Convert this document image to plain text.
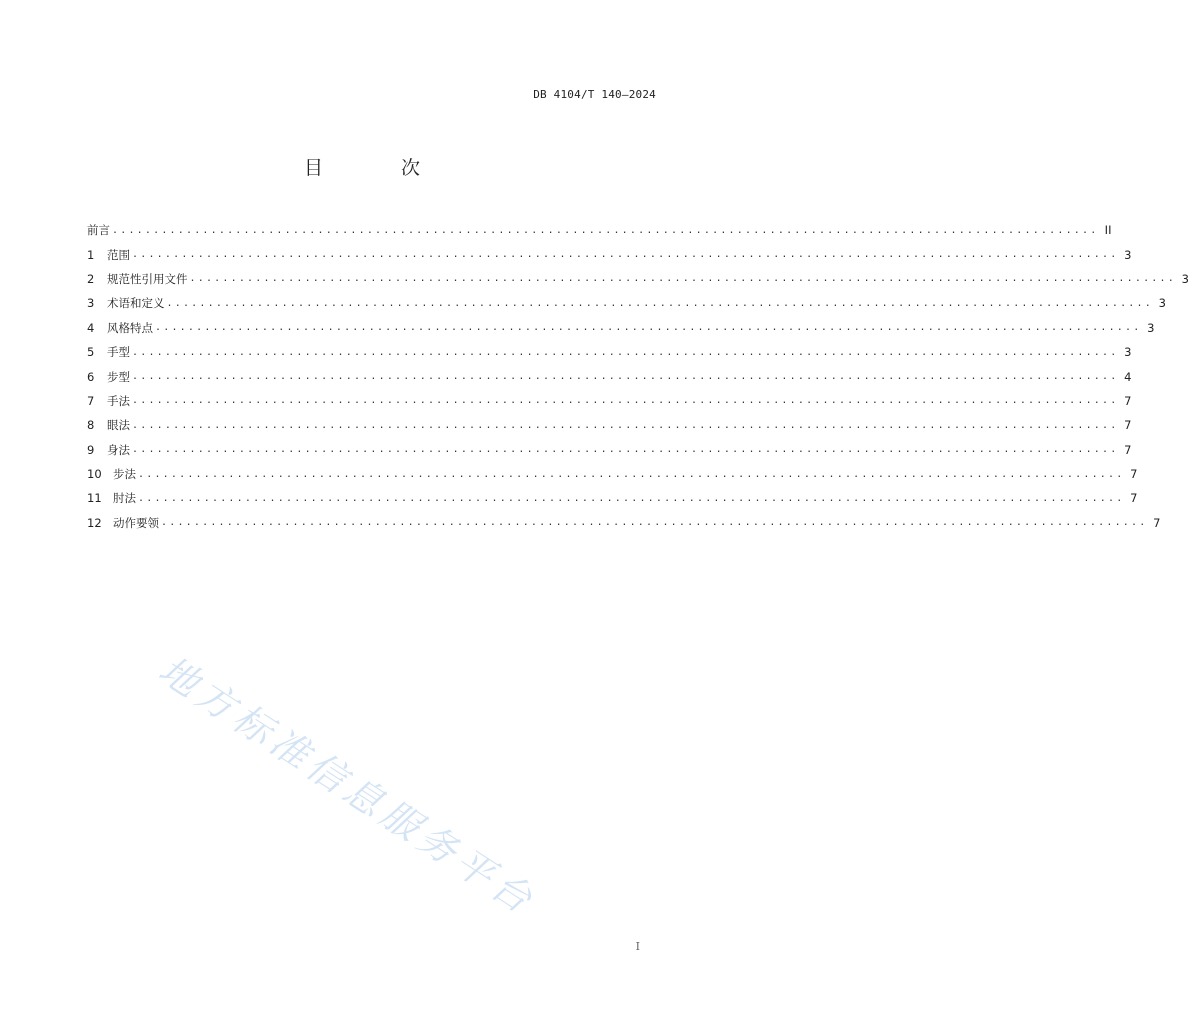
DB 4104/T 140—2024
目 次
前言 ........................................................................................................................ II
1	范围 ........................................................................................................................ 3
2	规范性引用文件 ........................................................................................................................ 3
3	术语和定义 ........................................................................................................................ 3
4	风格特点 ........................................................................................................................ 3
5	手型 ........................................................................................................................ 3
6	步型 ........................................................................................................................ 4
7	手法 ........................................................................................................................ 7
8	眼法 ........................................................................................................................ 7
9	身法 ........................................................................................................................ 7
10 步法 ........................................................................................................................ 7
11 肘法 ........................................................................................................................ 7
12 动作要领 ........................................................................................................................ 7
地方标准信息服务平台
I
